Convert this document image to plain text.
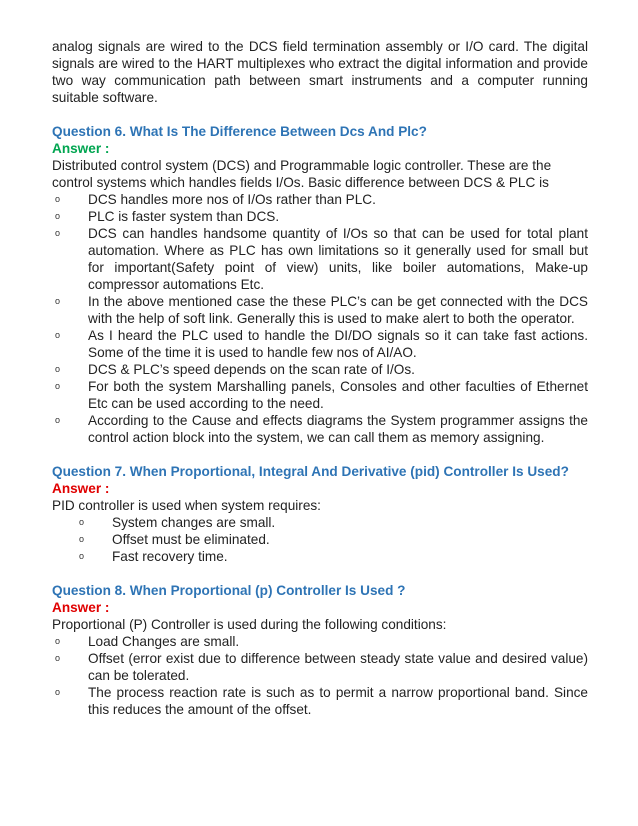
analog signals are wired to the DCS field termination assembly or I/O card. The digital signals are wired to the HART multiplexes who extract the digital information and provide two way communication path between smart instruments and a computer running suitable software.

Question 6. What Is The Difference Between Dcs And Plc?

Answer :

Distributed control system (DCS) and Programmable logic controller. These are the control systems which handles fields I/Os. Basic difference between DCS & PLC is

o DCS handles more nos of I/Os rather than PLC.
o PLC is faster system than DCS.
o DCS can handles handsome quantity of I/Os so that can be used for total plant automation. Where as PLC has own limitations so it generally used for small but for important(Safety point of view) units, like boiler automations, Make-up compressor automations Etc.
o In the above mentioned case the these PLC’s can be get connected with the DCS with the help of soft link. Generally this is used to make alert to both the operator.
o As I heard the PLC used to handle the DI/DO signals so it can take fast actions. Some of the time it is used to handle few nos of AI/AO.
o DCS & PLC’s speed depends on the scan rate of I/Os.
o For both the system Marshalling panels, Consoles and other faculties of Ethernet Etc can be used according to the need.
o According to the Cause and effects diagrams the System programmer assigns the control action block into the system, we can call them as memory assigning.

Question 7. When Proportional, Integral And Derivative (pid) Controller Is Used?

Answer :

PID controller is used when system requires:

o System changes are small.
o Offset must be eliminated.
o Fast recovery time.

Question 8. When Proportional (p) Controller Is Used ?

Answer :

Proportional (P) Controller is used during the following conditions:

o Load Changes are small.
o Offset (error exist due to difference between steady state value and desired value) can be tolerated.
o The process reaction rate is such as to permit a narrow proportional band. Since this reduces the amount of the offset.
